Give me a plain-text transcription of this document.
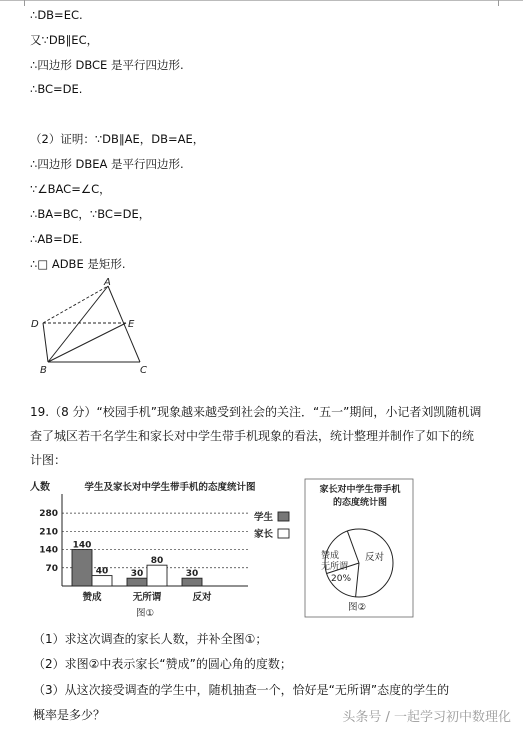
∴DB=EC.
又∵DB∥EC，
∴四边形 DBCE 是平行四边形.
∴BC=DE.
（2）证明：∵DB∥AE，DB=AE，
∴四边形 DBEA 是平行四边形.
∵∠BAC=∠C，
∴BA=BC，∵BC=DE，
∴AB=DE.
∴□ ADBE 是矩形.
A
D	E
B	C
19.（8 分）“校园手机”现象越来越受到社会的关注．“五一”期间，小记者刘凯随机调查了城区若干名学生和家长对中学生带手机现象的看法，统计整理并制作了如下的统计图：
人数	学生及家长对中学生带手机的态度统计图
70
140
210
280
赞成	无所谓	反对
140
40 30
80
30
学生
家长
图①
家长对中学生带手机
的态度统计图
赞成
无所谓
20%
反对
图②
（1）求这次调查的家长人数，并补全图①；
（2）求图②中表示家长“赞成”的圆心角的度数；
（3）从这次接受调查的学生中，随机抽查一个，恰好是“无所谓”态度的学生的
概率是多少？	头条号 / 一起学习初中数理化
